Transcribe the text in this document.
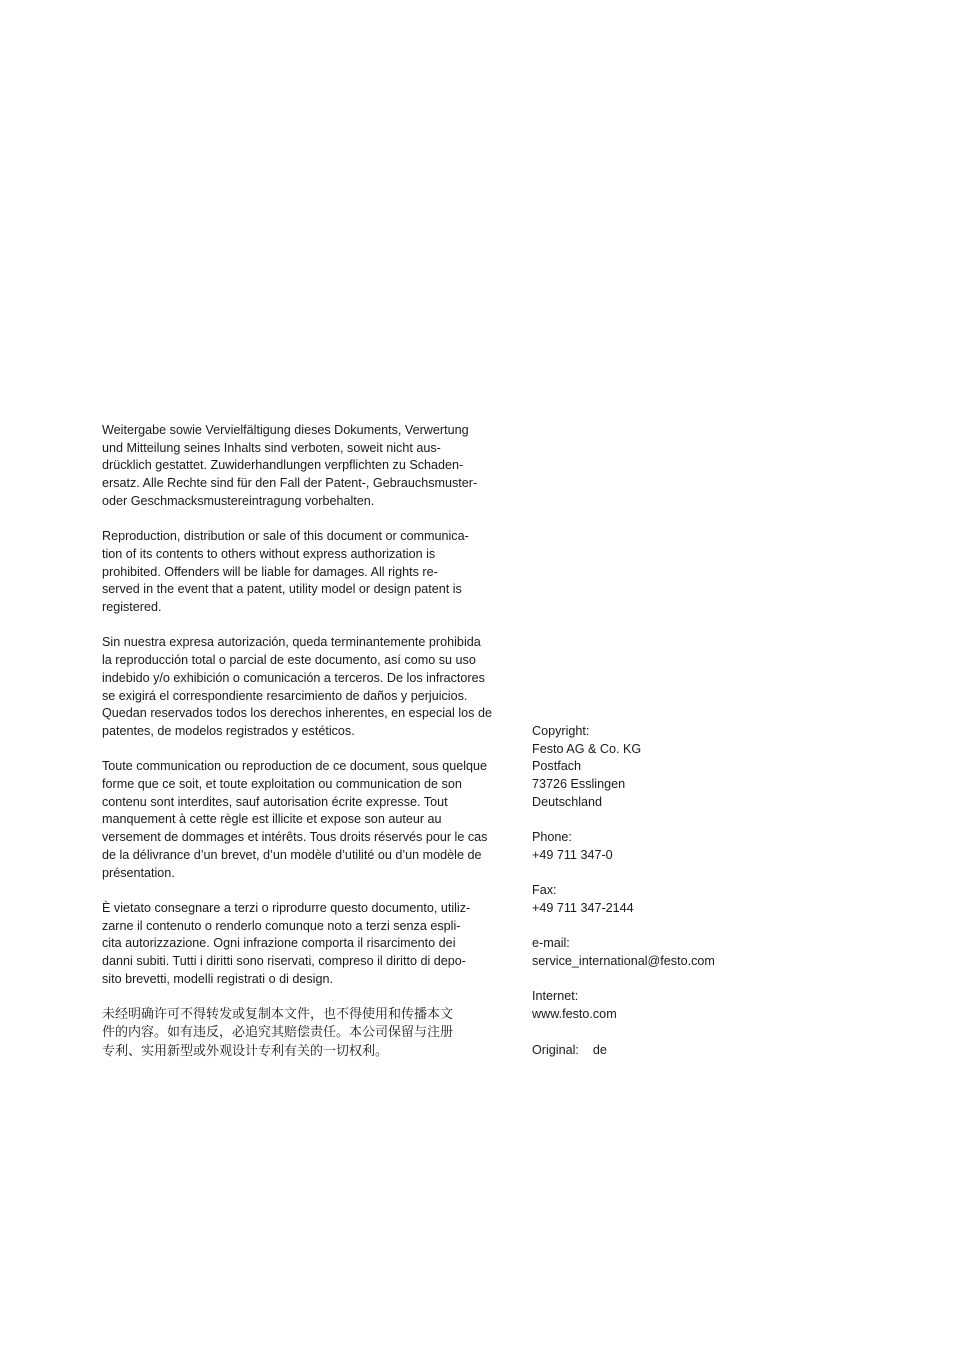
Weitergabe sowie Vervielfältigung dieses Dokuments, Verwertung
und Mitteilung seines Inhalts sind verboten, soweit nicht aus-
drücklich gestattet. Zuwiderhandlungen verpflichten zu Schaden-
ersatz. Alle Rechte sind für den Fall der Patent-, Gebrauchsmuster-
oder Geschmacksmustereintragung vorbehalten.

Reproduction, distribution or sale of this document or communica-
tion of its contents to others without express authorization is
prohibited. Offenders will be liable for damages. All rights re-
served in the event that a patent, utility model or design patent is
registered.

Sin nuestra expresa autorización, queda terminantemente prohibida
la reproducción total o parcial de este documento, así como su uso
indebido y/o exhibición o comunicación a terceros. De los infractores
se exigirá el correspondiente resarcimiento de daños y perjuicios.
Quedan reservados todos los derechos inherentes, en especial los de
patentes, de modelos registrados y estéticos.

Toute communication ou reproduction de ce document, sous quelque
forme que ce soit, et toute exploitation ou communication de son
contenu sont interdites, sauf autorisation écrite expresse. Tout
manquement à cette règle est illicite et expose son auteur au
versement de dommages et intérêts. Tous droits réservés pour le cas
de la délivrance d’un brevet, d’un modèle d’utilité ou d’un modèle de
présentation.

È vietato consegnare a terzi o riprodurre questo documento, utiliz-
zarne il contenuto o renderlo comunque noto a terzi senza espli-
cita autorizzazione. Ogni infrazione comporta il risarcimento dei
danni subiti. Tutti i diritti sono riservati, compreso il diritto di depo-
sito brevetti, modelli registrati o di design.

未经明确许可不得转发或复制本文件，也不得使用和传播本文
件的内容。如有违反，必追究其赔偿责任。本公司保留与注册
专利、实用新型或外观设计专利有关的一切权利。

Copyright:
Festo AG & Co. KG
Postfach
73726 Esslingen
Deutschland
Phone:
+49 711 347-0
Fax:
+49 711 347-2144
e-mail:
service_international@festo.com
Internet:
www.festo.com
Original: de
